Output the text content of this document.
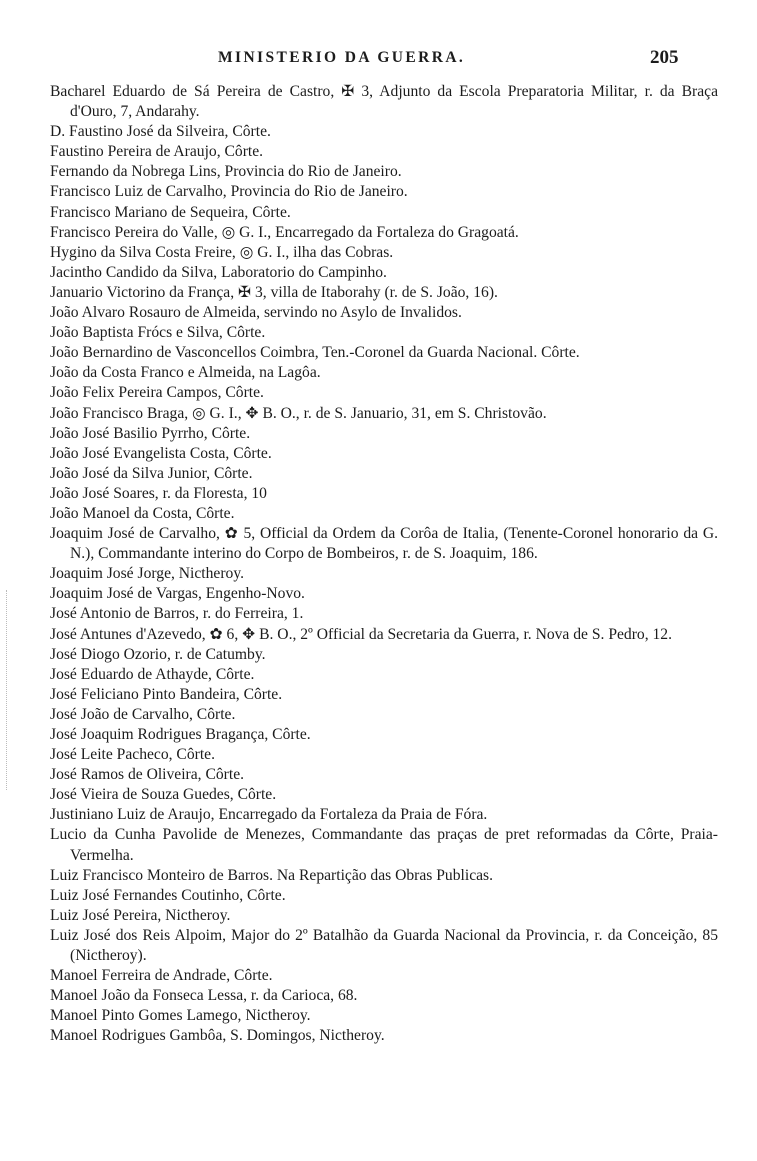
MINISTERIO DA GUERRA.	205
Bacharel Eduardo de Sá Pereira de Castro, ✠ 3, Adjunto da Escola Preparatoria Militar, r. da Braça d'Ouro, 7, Andarahy.
D. Faustino José da Silveira, Côrte.
Faustino Pereira de Araujo, Côrte.
Fernando da Nobrega Lins, Provincia do Rio de Janeiro.
Francisco Luiz de Carvalho, Provincia do Rio de Janeiro.
Francisco Mariano de Sequeira, Côrte.
Francisco Pereira do Valle, ◎ G. I., Encarregado da Fortaleza do Gragoatá.
Hygino da Silva Costa Freire, ◎ G. I., ilha das Cobras.
Jacintho Candido da Silva, Laboratorio do Campinho.
Januario Victorino da França, ✠ 3, villa de Itaborahy (r. de S. João, 16).
João Alvaro Rosauro de Almeida, servindo no Asylo de Invalidos.
João Baptista Frócs e Silva, Côrte.
João Bernardino de Vasconcellos Coimbra, Ten.-Coronel da Guarda Nacional. Côrte.
João da Costa Franco e Almeida, na Lagôa.
João Felix Pereira Campos, Côrte.
João Francisco Braga, ◎ G. I., ✥ B. O., r. de S. Januario, 31, em S. Christovão.
João José Basilio Pyrrho, Côrte.
João José Evangelista Costa, Côrte.
João José da Silva Junior, Côrte.
João José Soares, r. da Floresta, 10
João Manoel da Costa, Côrte.
Joaquim José de Carvalho, ✿ 5, Official da Ordem da Corôa de Italia, (Tenente-Coronel honorario da G. N.), Commandante interino do Corpo de Bombeiros, r. de S. Joaquim, 186.
Joaquim José Jorge, Nictheroy.
Joaquim José de Vargas, Engenho-Novo.
José Antonio de Barros, r. do Ferreira, 1.
José Antunes d'Azevedo, ✿ 6, ✥ B. O., 2º Official da Secretaria da Guerra, r. Nova de S. Pedro, 12.
José Diogo Ozorio, r. de Catumby.
José Eduardo de Athayde, Côrte.
José Feliciano Pinto Bandeira, Côrte.
José João de Carvalho, Côrte.
José Joaquim Rodrigues Bragança, Côrte.
José Leite Pacheco, Côrte.
José Ramos de Oliveira, Côrte.
José Vieira de Souza Guedes, Côrte.
Justiniano Luiz de Araujo, Encarregado da Fortaleza da Praia de Fóra.
Lucio da Cunha Pavolide de Menezes, Commandante das praças de pret reformadas da Côrte, Praia-Vermelha.
Luiz Francisco Monteiro de Barros. Na Repartição das Obras Publicas.
Luiz José Fernandes Coutinho, Côrte.
Luiz José Pereira, Nictheroy.
Luiz José dos Reis Alpoim, Major do 2º Batalhão da Guarda Nacional da Provincia, r. da Conceição, 85 (Nictheroy).
Manoel Ferreira de Andrade, Côrte.
Manoel João da Fonseca Lessa, r. da Carioca, 68.
Manoel Pinto Gomes Lamego, Nictheroy.
Manoel Rodrigues Gambôa, S. Domingos, Nictheroy.
